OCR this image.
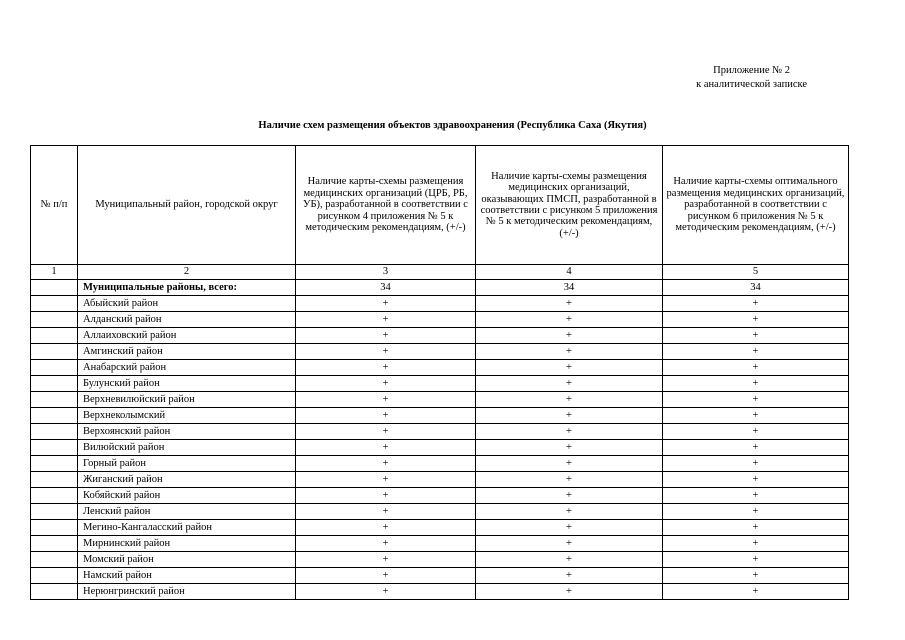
Приложение № 2
к аналитической записке
Наличие схем размещения объектов здравоохранения (Республика Саха (Якутия)
№ п/п	Муниципальный район, городской округ	Наличие карты-схемы размещения медицинских организаций (ЦРБ, РБ, УБ), разработанной в соответствии с рисунком 4 приложения № 5 к методическим рекомендациям, (+/-)	Наличие карты-схемы размещения медицинских организаций, оказывающих ПМСП, разработанной в соответствии с рисунком 5 приложения № 5 к методическим рекомендациям, (+/-)	Наличие карты-схемы оптимального размещения медицинских организаций, разработанной в соответствии с рисунком 6 приложения № 5 к методическим рекомендациям, (+/-)
1	2	3	4	5
	Муниципальные районы, всего:	34	34	34
	Абыйский район	+	+	+
	Алданский район	+	+	+
	Аллаиховский район	+	+	+
	Амгинский район	+	+	+
	Анабарский район	+	+	+
	Булунский район	+	+	+
	Верхневилюйский район	+	+	+
	Верхнеколымский	+	+	+
	Верхоянский район	+	+	+
	Вилюйский район	+	+	+
	Горный район	+	+	+
	Жиганский район	+	+	+
	Кобяйский район	+	+	+
	Ленский район	+	+	+
	Мегино-Кангаласский район	+	+	+
	Мирнинский район	+	+	+
	Момский район	+	+	+
	Намский район	+	+	+
	Нерюнгринский район	+	+	+
